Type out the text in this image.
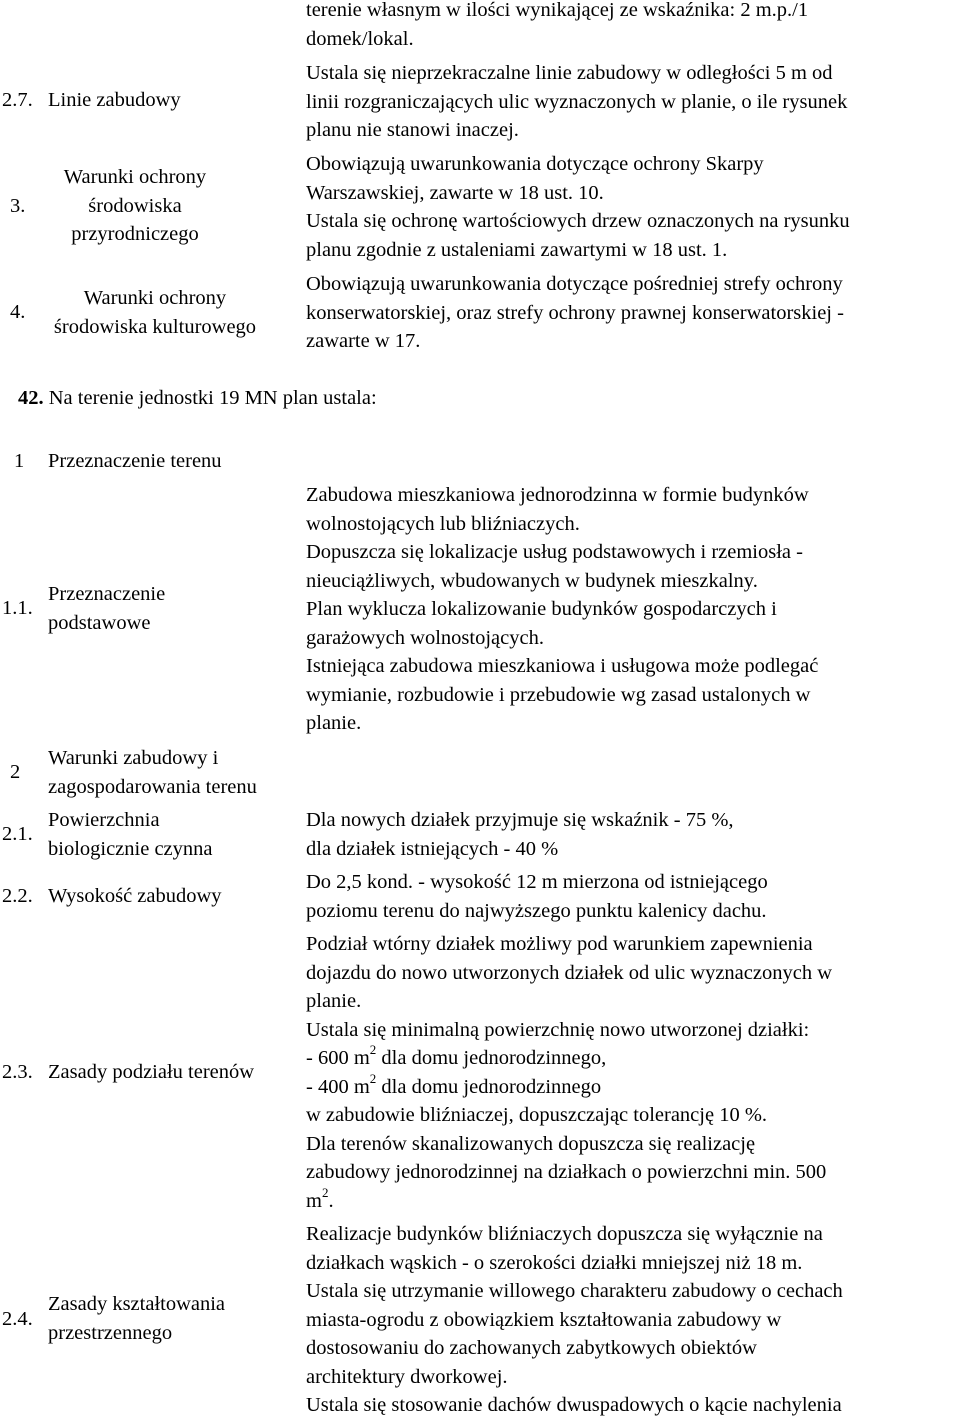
terenie własnym w ilości wynikającej ze wskaźnika: 2 m.p./1
domek/lokal.
2.7. Linie zabudowy
Ustala się nieprzekraczalne linie zabudowy w odległości 5 m od
linii rozgraniczających ulic wyznaczonych w planie, o ile rysunek
planu nie stanowi inaczej.
3.
Warunki ochrony
środowiska
przyrodniczego
Obowiązują uwarunkowania dotyczące ochrony Skarpy
Warszawskiej, zawarte w 18 ust. 10.
Ustala się ochronę wartościowych drzew oznaczonych na rysunku
planu zgodnie z ustaleniami zawartymi w 18 ust. 1.
4.
Warunki ochrony
środowiska kulturowego
Obowiązują uwarunkowania dotyczące pośredniej strefy ochrony
konserwatorskiej, oraz strefy ochrony prawnej konserwatorskiej -
zawarte w 17.
42. Na terenie jednostki 19 MN plan ustala:
1 Przeznaczenie terenu
1.1.
Przeznaczenie
podstawowe
Zabudowa mieszkaniowa jednorodzinna w formie budynków
wolnostojących lub bliźniaczych.
Dopuszcza się lokalizacje usług podstawowych i rzemiosła -
nieuciążliwych, wbudowanych w budynek mieszkalny.
Plan wyklucza lokalizowanie budynków gospodarczych i
garażowych wolnostojących.
Istniejąca zabudowa mieszkaniowa i usługowa może podlegać
wymianie, rozbudowie i przebudowie wg zasad ustalonych w
planie.
2
Warunki zabudowy i
zagospodarowania terenu
2.1.
Powierzchnia
biologicznie czynna
Dla nowych działek przyjmuje się wskaźnik - 75 %,
dla działek istniejących - 40 %
2.2. Wysokość zabudowy
Do 2,5 kond. - wysokość 12 m mierzona od istniejącego
poziomu terenu do najwyższego punktu kalenicy dachu.
2.3. Zasady podziału terenów
Podział wtórny działek możliwy pod warunkiem zapewnienia
dojazdu do nowo utworzonych działek od ulic wyznaczonych w
planie.
Ustala się minimalną powierzchnię nowo utworzonej działki:
- 600 $m^2$ dla domu jednorodzinnego,
- 400 $m^2$ dla domu jednorodzinnego
w zabudowie bliźniaczej, dopuszczając tolerancję 10 %.
Dla terenów skanalizowanych dopuszcza się realizację
zabudowy jednorodzinnej na działkach o powierzchni min. 500
$m^2$.
2.4.
Zasady kształtowania
przestrzennego
Realizacje budynków bliźniaczych dopuszcza się wyłącznie na
działkach wąskich - o szerokości działki mniejszej niż 18 m.
Ustala się utrzymanie willowego charakteru zabudowy o cechach
miasta-ogrodu z obowiązkiem kształtowania zabudowy w
dostosowaniu do zachowanych zabytkowych obiektów
architektury dworkowej.
Ustala się stosowanie dachów dwuspadowych o kącie nachylenia
